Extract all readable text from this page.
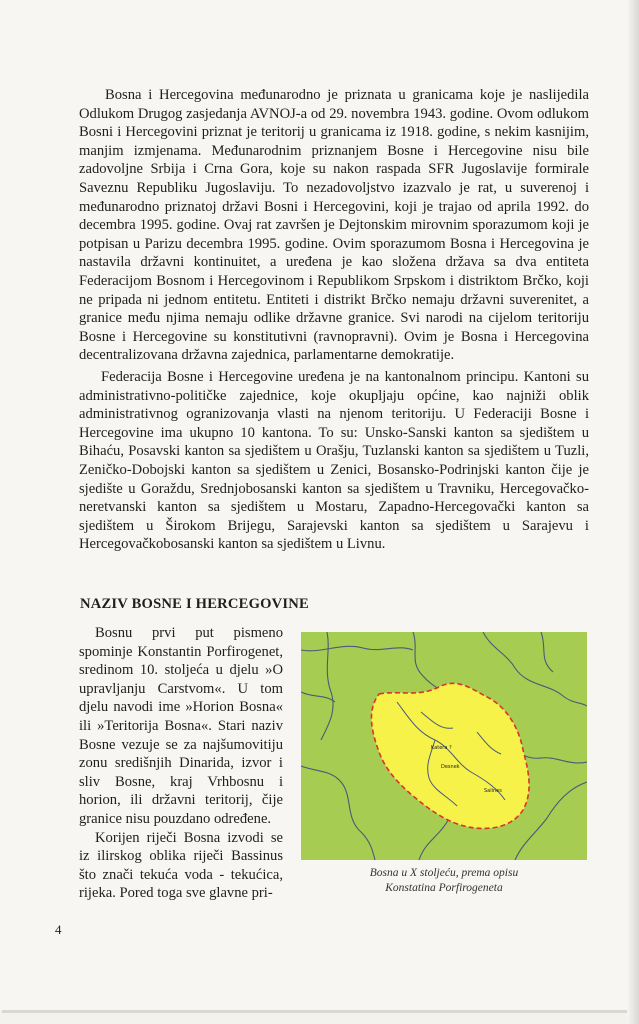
Bosna i Hercegovina međunarodno je priznata u granicama koje je naslijedila Odlukom Drugog zasjedanja AVNOJ-a od 29. novembra 1943. godine. Ovom odlukom Bosni i Hercegovini priznat je teritorij u granicama iz 1918. godine, s nekim kasnijim, manjim izmjenama. Međunarodnim priznanjem Bosne i Hercegovine nisu bile zadovoljne Srbija i Crna Gora, koje su nakon raspada SFR Jugoslavije formirale Saveznu Republiku Jugoslaviju. To nezadovoljstvo izazvalo je rat, u suverenoj i međunarodno priznatoj državi Bosni i Hercegovini, koji je trajao od aprila 1992. do decembra 1995. godine. Ovaj rat završen je Dejtonskim mirovnim sporazumom koji je potpisan u Parizu decembra 1995. godine. Ovim sporazumom Bosna i Hercegovina je nastavila državni kontinuitet, a uređena je kao složena država sa dva entiteta Federacijom Bosnom i Hercegovinom i Republikom Srpskom i distriktom Brčko, koji ne pripada ni jednom entitetu. Entiteti i distrikt Brčko nemaju državni suverenitet, a granice među njima nemaju odlike državne granice. Svi narodi na cijelom teritoriju Bosne i Hercegovine su konstitutivni (ravnopravni). Ovim je Bosna i Hercegovina decentralizovana državna zajednica, parlamentarne demokratije.

Federacija Bosne i Hercegovine uređena je na kantonalnom principu. Kantoni su administrativno-političke zajednice, koje okupljaju općine, kao najniži oblik administrativnog ogranizovanja vlasti na njenom teritoriju. U Federaciji Bosne i Hercegovine ima ukupno 10 kantona. To su: Unsko-Sanski kanton sa sjedištem u Bihaću, Posavski kanton sa sjedištem u Orašju, Tuzlanski kanton sa sjedištem u Tuzli, Zeničko-Dobojski kanton sa sjedištem u Zenici, Bosansko-Podrinjski kanton čije je sjedište u Goraždu, Srednjobosanski kanton sa sjedištem u Travniku, Hercegovačko-neretvanski kanton sa sjedištem u Mostaru, Zapadno-Hercegovački kanton sa sjedištem u Širokom Brijegu, Sarajevski kanton sa sjedištem u Sarajevu i Hercegovačkobosanski kanton sa sjedištem u Livnu.

NAZIV BOSNE I HERCEGOVINE

Bosnu prvi put pismeno spominje Konstantin Porfirogenet, sredinom 10. stoljeća u djelu »O upravljanju Carstvom«. U tom djelu navodi ime »Horion Bosna« ili »Teritorija Bosna«. Stari naziv Bosne vezuje se za najšumovitiju zonu središnjih Dinarida, izvor i sliv Bosne, kraj Vrhbosnu i horion, ili državni teritorij, čije granice nisu pouzdano određene.

Korijen riječi Bosna izvodi se iz ilirskog oblika riječi Bassinus što znači tekuća voda - tekućica, rijeka. Pored toga sve glavne pri-

Katera ?
Desnek
Salines
Bosna u X stoljeću, prema opisu
Konstatina Porfirogeneta
4
